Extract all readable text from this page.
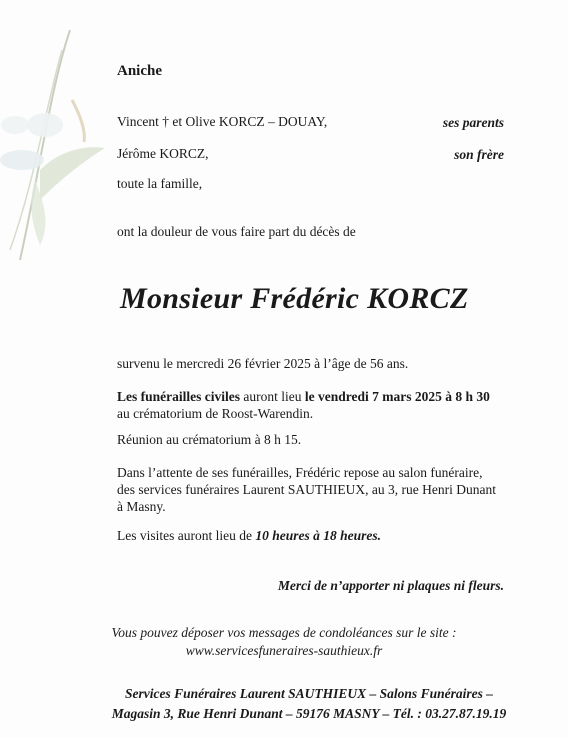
Aniche
Vincent † et Olive KORCZ – DOUAY,	ses parents
Jérôme KORCZ,	son frère
toute la famille,
ont la douleur de vous faire part du décès de
Monsieur Frédéric KORCZ
survenu le mercredi 26 février 2025 à l’âge de 56 ans.
Les funérailles civiles auront lieu le vendredi 7 mars 2025 à 8 h 30
au crématorium de Roost-Warendin.
Réunion au crématorium à 8 h 15.
Dans l’attente de ses funérailles, Frédéric repose au salon funéraire,
des services funéraires Laurent SAUTHIEUX, au 3, rue Henri Dunant
à Masny.
Les visites auront lieu de 10 heures à 18 heures.
Merci de n’apporter ni plaques ni fleurs.
Vous pouvez déposer vos messages de condoléances sur le site :
www.servicesfuneraires-sauthieux.fr
Services Funéraires Laurent SAUTHIEUX – Salons Funéraires –
Magasin 3, Rue Henri Dunant – 59176 MASNY – Tél. : 03.27.87.19.19
